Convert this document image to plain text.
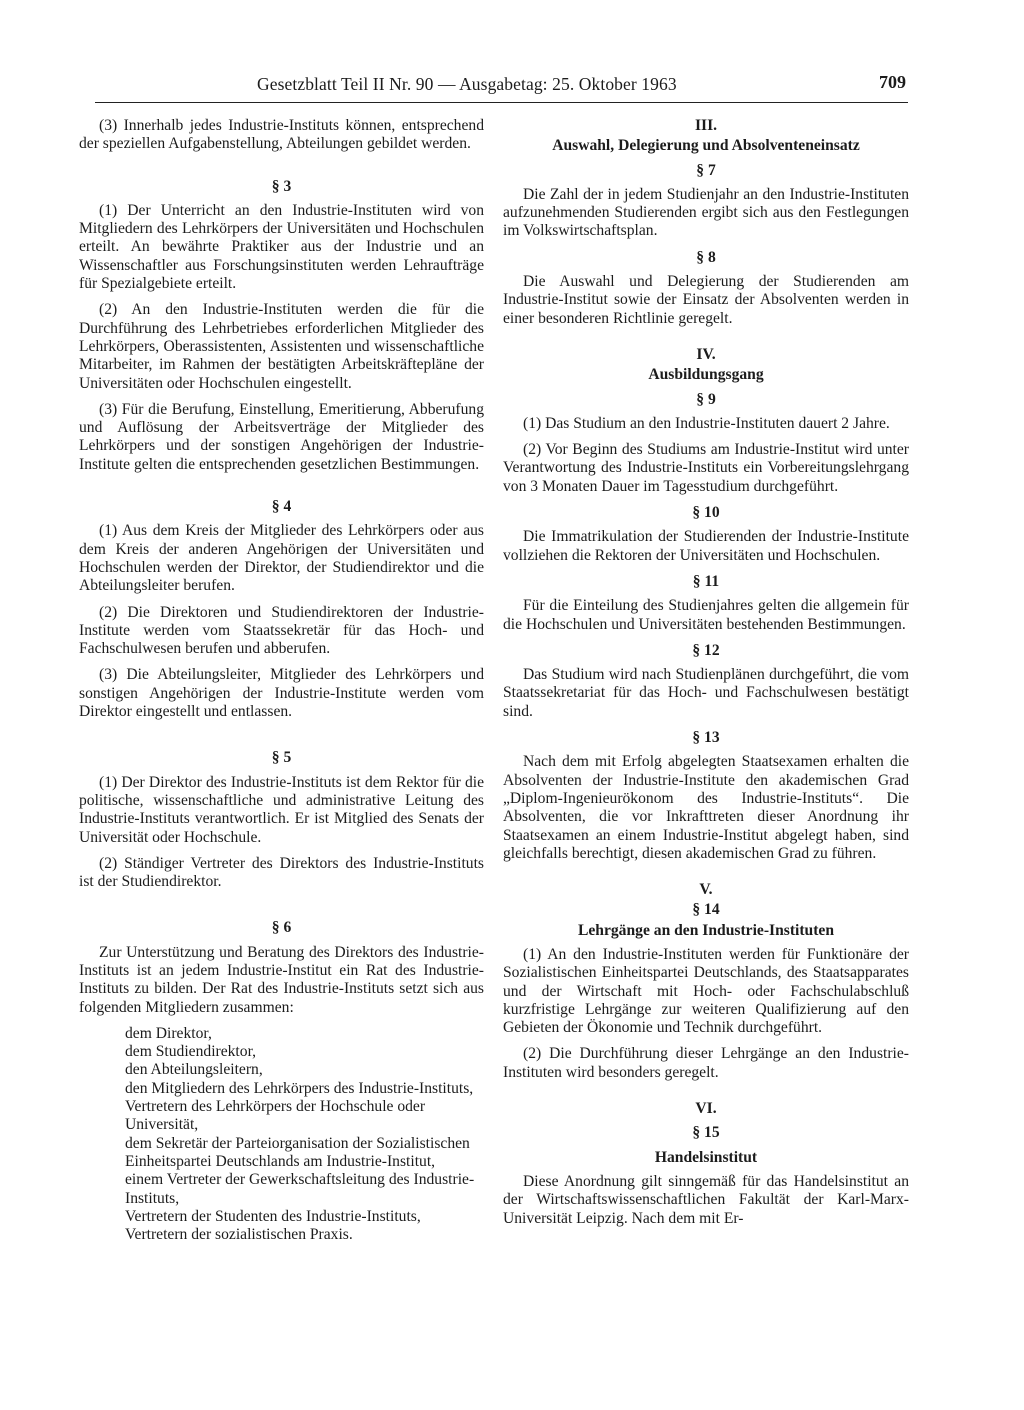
Gesetzblatt Teil II Nr. 90 — Ausgabetag: 25. Oktober 1963	709

(3) Innerhalb jedes Industrie-Instituts können, entsprechend der speziellen Aufgabenstellung, Abteilungen gebildet werden.

§ 3

(1) Der Unterricht an den Industrie-Instituten wird von Mitgliedern des Lehrkörpers der Universitäten und Hochschulen erteilt. An bewährte Praktiker aus der Industrie und an Wissenschaftler aus Forschungsinstituten werden Lehraufträge für Spezialgebiete erteilt.

(2) An den Industrie-Instituten werden die für die Durchführung des Lehrbetriebes erforderlichen Mitglieder des Lehrkörpers, Oberassistenten, Assistenten und wissenschaftliche Mitarbeiter, im Rahmen der bestätigten Arbeitskräftepläne der Universitäten oder Hochschulen eingestellt.

(3) Für die Berufung, Einstellung, Emeritierung, Abberufung und Auflösung der Arbeitsverträge der Mitglieder des Lehrkörpers und der sonstigen Angehörigen der Industrie-Institute gelten die entsprechenden gesetzlichen Bestimmungen.

§ 4

(1) Aus dem Kreis der Mitglieder des Lehrkörpers oder aus dem Kreis der anderen Angehörigen der Universitäten und Hochschulen werden der Direktor, der Studiendirektor und die Abteilungsleiter berufen.

(2) Die Direktoren und Studiendirektoren der Industrie-Institute werden vom Staatssekretär für das Hoch- und Fachschulwesen berufen und abberufen.

(3) Die Abteilungsleiter, Mitglieder des Lehrkörpers und sonstigen Angehörigen der Industrie-Institute werden vom Direktor eingestellt und entlassen.

§ 5

(1) Der Direktor des Industrie-Instituts ist dem Rektor für die politische, wissenschaftliche und administrative Leitung des Industrie-Instituts verantwortlich. Er ist Mitglied des Senats der Universität oder Hochschule.

(2) Ständiger Vertreter des Direktors des Industrie-Instituts ist der Studiendirektor.

§ 6

Zur Unterstützung und Beratung des Direktors des Industrie-Instituts ist an jedem Industrie-Institut ein Rat des Industrie-Instituts zu bilden. Der Rat des Industrie-Instituts setzt sich aus folgenden Mitgliedern zusammen:

dem Direktor,
dem Studiendirektor,
den Abteilungsleitern,
den Mitgliedern des Lehrkörpers des Industrie-Instituts,
Vertretern des Lehrkörpers der Hochschule oder Universität,
dem Sekretär der Parteiorganisation der Sozialistischen Einheitspartei Deutschlands am Industrie-Institut,
einem Vertreter der Gewerkschaftsleitung des Industrie-Instituts,
Vertretern der Studenten des Industrie-Instituts,
Vertretern der sozialistischen Praxis.
III.
Auswahl, Delegierung und Absolventeneinsatz
§ 7

Die Zahl der in jedem Studienjahr an den Industrie-Instituten aufzunehmenden Studierenden ergibt sich aus den Festlegungen im Volkswirtschaftsplan.

§ 8

Die Auswahl und Delegierung der Studierenden am Industrie-Institut sowie der Einsatz der Absolventen werden in einer besonderen Richtlinie geregelt.

IV.
Ausbildungsgang
§ 9

(1) Das Studium an den Industrie-Instituten dauert 2 Jahre.

(2) Vor Beginn des Studiums am Industrie-Institut wird unter Verantwortung des Industrie-Instituts ein Vorbereitungslehrgang von 3 Monaten Dauer im Tagesstudium durchgeführt.

§ 10

Die Immatrikulation der Studierenden der Industrie-Institute vollziehen die Rektoren der Universitäten und Hochschulen.

§ 11

Für die Einteilung des Studienjahres gelten die allgemein für die Hochschulen und Universitäten bestehenden Bestimmungen.

§ 12

Das Studium wird nach Studienplänen durchgeführt, die vom Staatssekretariat für das Hoch- und Fachschulwesen bestätigt sind.

§ 13

Nach dem mit Erfolg abgelegten Staatsexamen erhalten die Absolventen der Industrie-Institute den akademischen Grad „Diplom-Ingenieurökonom des Industrie-Instituts“. Die Absolventen, die vor Inkrafttreten dieser Anordnung ihr Staatsexamen an einem Industrie-Institut abgelegt haben, sind gleichfalls berechtigt, diesen akademischen Grad zu führen.

V.
§ 14
Lehrgänge an den Industrie-Instituten

(1) An den Industrie-Instituten werden für Funktionäre der Sozialistischen Einheitspartei Deutschlands, des Staatsapparates und der Wirtschaft mit Hoch- oder Fachschulabschluß kurzfristige Lehrgänge zur weiteren Qualifizierung auf den Gebieten der Ökonomie und Technik durchgeführt.

(2) Die Durchführung dieser Lehrgänge an den Industrie-Instituten wird besonders geregelt.

VI.
§ 15
Handelsinstitut

Diese Anordnung gilt sinngemäß für das Handelsinstitut an der Wirtschaftswissenschaftlichen Fakultät der Karl-Marx-Universität Leipzig. Nach dem mit Er-
